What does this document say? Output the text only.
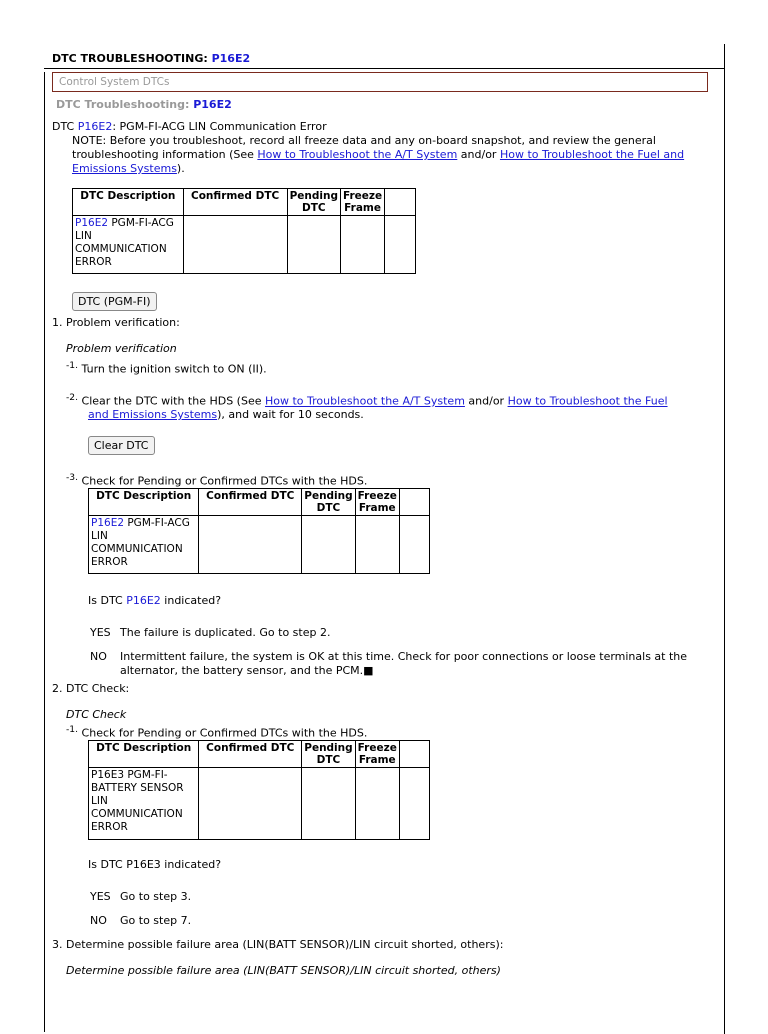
DTC TROUBLESHOOTING: P16E2
Control System DTCs
DTC Troubleshooting: P16E2
DTC P16E2: PGM-FI-ACG LIN Communication Error
NOTE: Before you troubleshoot, record all freeze data and any on-board snapshot, and review the general
troubleshooting information (See How to Troubleshoot the A/T System and/or How to Troubleshoot the Fuel and
Emissions Systems).
DTC Description	Confirmed DTC	Pending DTC	Freeze Frame	
P16E2 PGM-FI-ACG LIN COMMUNICATION ERROR				
DTC (PGM-FI)
1. Problem verification:
Problem verification
$^{-1.}$ Turn the ignition switch to ON (II).
$^{-2.}$ Clear the DTC with the HDS (See How to Troubleshoot the A/T System and/or How to Troubleshoot the Fuel
and Emissions Systems), and wait for 10 seconds.
Clear DTC
$^{-3.}$ Check for Pending or Confirmed DTCs with the HDS.
DTC Description	Confirmed DTC	Pending DTC	Freeze Frame	
P16E2 PGM-FI-ACG LIN COMMUNICATION ERROR				
Is DTC P16E2 indicated?
YES The failure is duplicated. Go to step 2.
NO Intermittent failure, the system is OK at this time. Check for poor connections or loose terminals at the
alternator, the battery sensor, and the PCM.■
2. DTC Check:
DTC Check
$^{-1.}$ Check for Pending or Confirmed DTCs with the HDS.
DTC Description	Confirmed DTC	Pending DTC	Freeze Frame	
P16E3 PGM-FI-BATTERY SENSOR LIN COMMUNICATION ERROR				
Is DTC P16E3 indicated?
YES Go to step 3.
NO Go to step 7.
3. Determine possible failure area (LIN(BATT SENSOR)/LIN circuit shorted, others):
Determine possible failure area (LIN(BATT SENSOR)/LIN circuit shorted, others)
